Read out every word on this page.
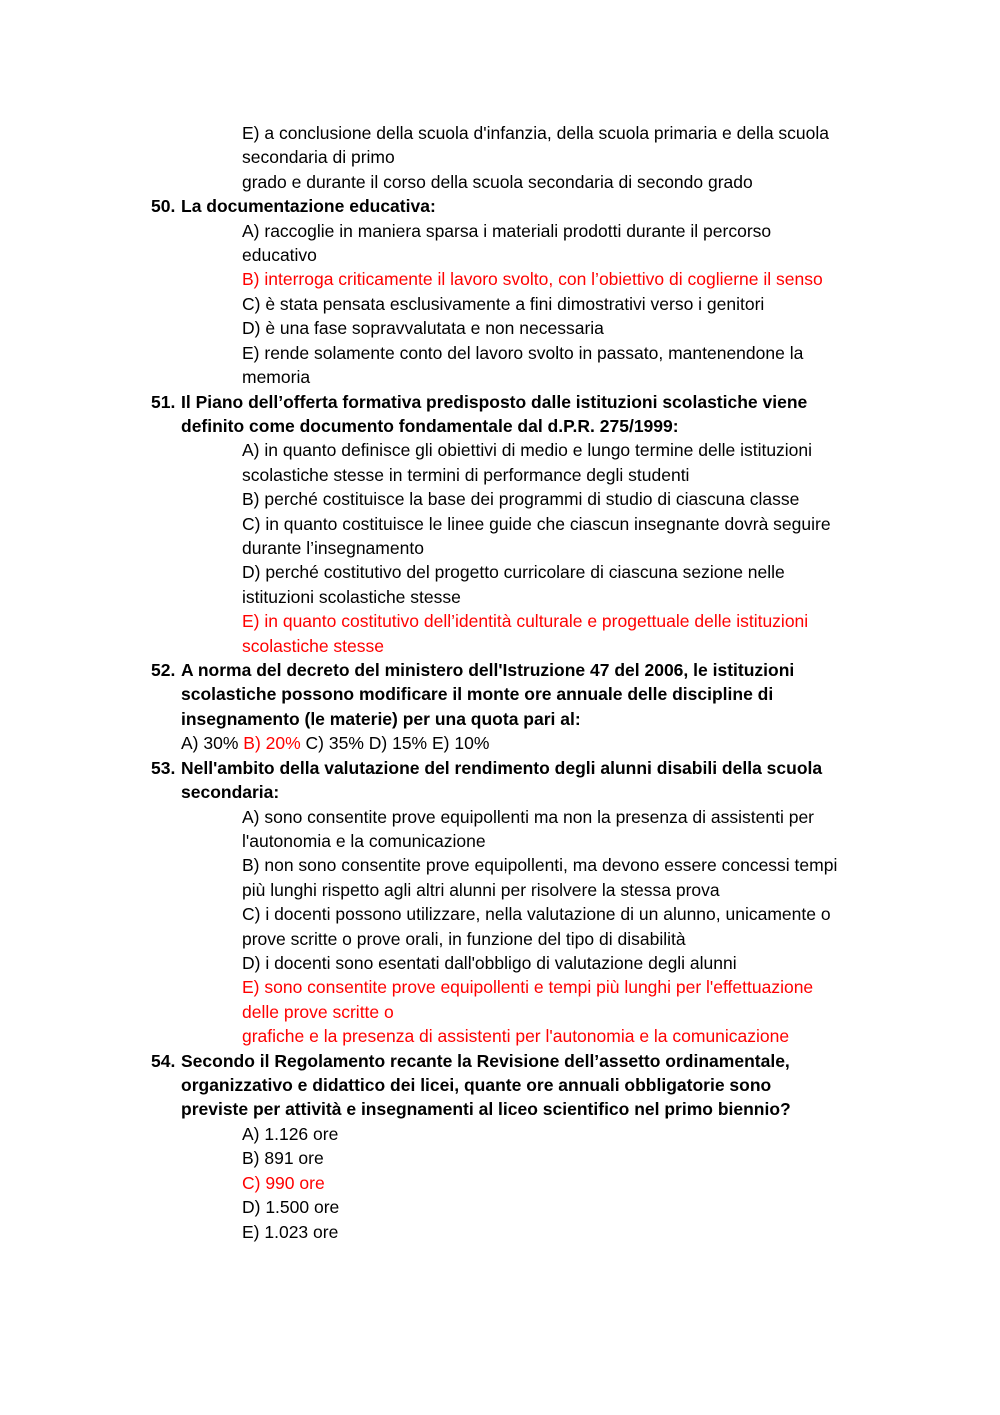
E) a conclusione della scuola d'infanzia, della scuola primaria e della scuola
secondaria di primo
grado e durante il corso della scuola secondaria di secondo grado
50. La documentazione educativa:
A) raccoglie in maniera sparsa i materiali prodotti durante il percorso
educativo
B) interroga criticamente il lavoro svolto, con l’obiettivo di coglierne il senso
C) è stata pensata esclusivamente a fini dimostrativi verso i genitori
D) è una fase sopravvalutata e non necessaria
E) rende solamente conto del lavoro svolto in passato, mantenendone la
memoria
51. Il Piano dell’offerta formativa predisposto dalle istituzioni scolastiche viene
definito come documento fondamentale dal d.P.R. 275/1999:
A) in quanto definisce gli obiettivi di medio e lungo termine delle istituzioni
scolastiche stesse in termini di performance degli studenti
B) perché costituisce la base dei programmi di studio di ciascuna classe
C) in quanto costituisce le linee guide che ciascun insegnante dovrà seguire
durante l’insegnamento
D) perché costitutivo del progetto curricolare di ciascuna sezione nelle
istituzioni scolastiche stesse
E) in quanto costitutivo dell’identità culturale e progettuale delle istituzioni
scolastiche stesse
52. A norma del decreto del ministero dell'Istruzione 47 del 2006, le istituzioni
scolastiche possono modificare il monte ore annuale delle discipline di
insegnamento (le materie) per una quota pari al:
A) 30% B) 20% C) 35% D) 15% E) 10%
53. Nell'ambito della valutazione del rendimento degli alunni disabili della scuola
secondaria:
A) sono consentite prove equipollenti ma non la presenza di assistenti per
l'autonomia e la comunicazione
B) non sono consentite prove equipollenti, ma devono essere concessi tempi
più lunghi rispetto agli altri alunni per risolvere la stessa prova
C) i docenti possono utilizzare, nella valutazione di un alunno, unicamente o
prove scritte o prove orali, in funzione del tipo di disabilità
D) i docenti sono esentati dall'obbligo di valutazione degli alunni
E) sono consentite prove equipollenti e tempi più lunghi per l'effettuazione
delle prove scritte o
grafiche e la presenza di assistenti per l'autonomia e la comunicazione
54. Secondo il Regolamento recante la Revisione dell’assetto ordinamentale,
organizzativo e didattico dei licei, quante ore annuali obbligatorie sono
previste per attività e insegnamenti al liceo scientifico nel primo biennio?
A) 1.126 ore
B) 891 ore
C) 990 ore
D) 1.500 ore
E) 1.023 ore
